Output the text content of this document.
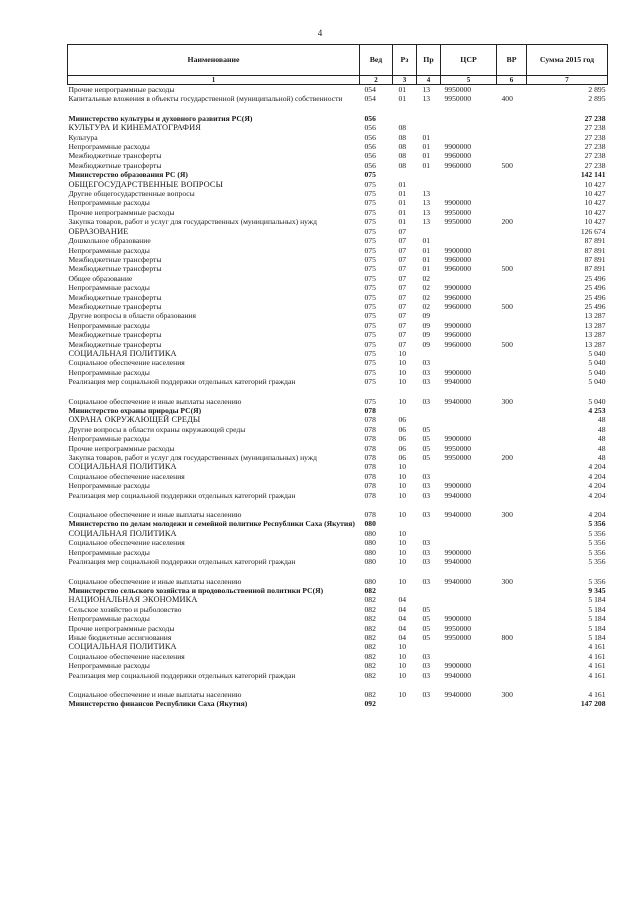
4
Наименование	Вед	Рз	Пр	ЦСР	ВР	Сумма 2015 год
1	2	3	4	5	6	7
Прочие непрограммные расходы	054	01	13	9950000		2 895
Капитальные вложения в объекты государственной (муниципальной) собственности	054	01	13	9950000	400	2 895
Министерство культуры и духовного развития РС(Я)	056					27 238
КУЛЬТУРА И КИНЕМАТОГРАФИЯ	056	08				27 238
Культура	056	08	01			27 238
Непрограммные расходы	056	08	01	9900000		27 238
Межбюджетные трансферты	056	08	01	9960000		27 238
Межбюджетные трансферты	056	08	01	9960000	500	27 238
Министерство образования РС (Я)	075					142 141
ОБЩЕГОСУДАРСТВЕННЫЕ ВОПРОСЫ	075	01				10 427
Другие общегосударственные вопросы	075	01	13			10 427
Непрограммные расходы	075	01	13	9900000		10 427
Прочие непрограммные расходы	075	01	13	9950000		10 427
Закупка товаров, работ и услуг для государственных (муниципальных) нужд	075	01	13	9950000	200	10 427
ОБРАЗОВАНИЕ	075	07				126 674
Дошкольное образование	075	07	01			87 891
Непрограммные расходы	075	07	01	9900000		87 891
Межбюджетные трансферты	075	07	01	9960000		87 891
Межбюджетные трансферты	075	07	01	9960000	500	87 891
Общее образование	075	07	02			25 496
Непрограммные расходы	075	07	02	9900000		25 496
Межбюджетные трансферты	075	07	02	9960000		25 496
Межбюджетные трансферты	075	07	02	9960000	500	25 496
Другие вопросы в области образования	075	07	09			13 287
Непрограммные расходы	075	07	09	9900000		13 287
Межбюджетные трансферты	075	07	09	9960000		13 287
Межбюджетные трансферты	075	07	09	9960000	500	13 287
СОЦИАЛЬНАЯ ПОЛИТИКА	075	10				5 040
Социальное обеспечение населения	075	10	03			5 040
Непрограммные расходы	075	10	03	9900000		5 040
Реализация мер социальной поддержки отдельных категорий граждан	075	10	03	9940000		5 040
Социальное обеспечение и иные выплаты населению	075	10	03	9940000	300	5 040
Министерство охраны природы РС(Я)	078					4 253
ОХРАНА ОКРУЖАЮЩЕЙ СРЕДЫ	078	06				48
Другие вопросы в области охраны окружающей среды	078	06	05			48
Непрограммные расходы	078	06	05	9900000		48
Прочие непрограммные расходы	078	06	05	9950000		48
Закупка товаров, работ и услуг для государственных (муниципальных) нужд	078	06	05	9950000	200	48
СОЦИАЛЬНАЯ ПОЛИТИКА	078	10				4 204
Социальное обеспечение населения	078	10	03			4 204
Непрограммные расходы	078	10	03	9900000		4 204
Реализация мер социальной поддержки отдельных категорий граждан	078	10	03	9940000		4 204
Социальное обеспечение и иные выплаты населению	078	10	03	9940000	300	4 204
Министерство по делам молодежи и семейной политике Республики Саха (Якутия)	080					5 356
СОЦИАЛЬНАЯ ПОЛИТИКА	080	10				5 356
Социальное обеспечение населения	080	10	03			5 356
Непрограммные расходы	080	10	03	9900000		5 356
Реализация мер социальной поддержки отдельных категорий граждан	080	10	03	9940000		5 356
Социальное обеспечение и иные выплаты населению	080	10	03	9940000	300	5 356
Министерство сельского хозяйства и продовольственной политики РС(Я)	082					9 345
НАЦИОНАЛЬНАЯ ЭКОНОМИКА	082	04				5 184
Сельское хозяйство и рыболовство	082	04	05			5 184
Непрограммные расходы	082	04	05	9900000		5 184
Прочие непрограммные расходы	082	04	05	9950000		5 184
Иные бюджетные ассигнования	082	04	05	9950000	800	5 184
СОЦИАЛЬНАЯ ПОЛИТИКА	082	10				4 161
Социальное обеспечение населения	082	10	03			4 161
Непрограммные расходы	082	10	03	9900000		4 161
Реализация мер социальной поддержки отдельных категорий граждан	082	10	03	9940000		4 161
Социальное обеспечение и иные выплаты населению	082	10	03	9940000	300	4 161
Министерство финансов Республики Саха (Якутия)	092					147 208
